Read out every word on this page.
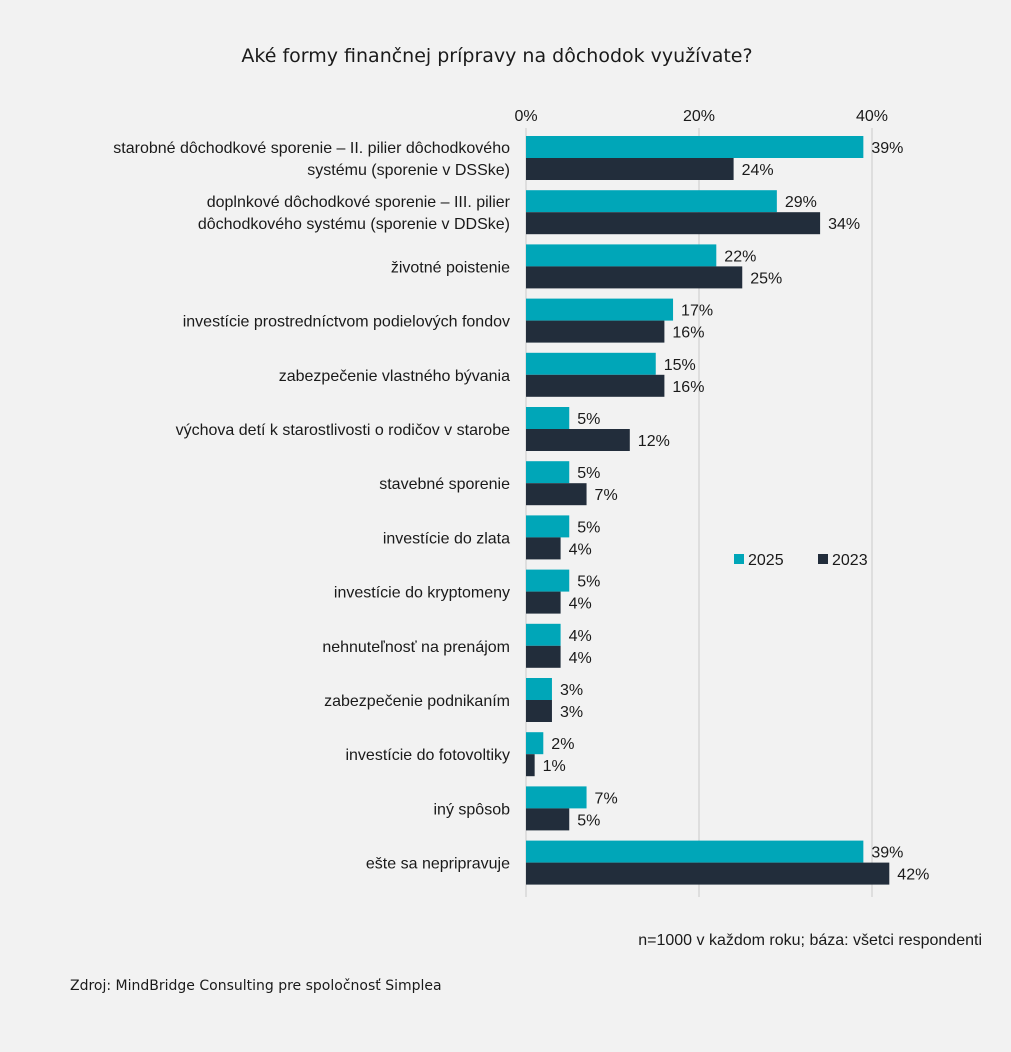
Aké formy finančnej prípravy na dôchodok využívate?
0%	20%	40%
39%
24%
29%
34%
22%
25%
17%
16%
15%
16%
5%
12%
5%
7%
5%
4%
5%
4%
4%
4%
3%
3%
2%
1%
7%
5%
39%
42%
starobné dôchodkové sporenie – II. pilier dôchodkového
systému (sporenie v DSSke)
doplnkové dôchodkové sporenie – III. pilier
dôchodkového systému (sporenie v DDSke)
životné poistenie
investície prostredníctvom podielových fondov
zabezpečenie vlastného bývania
výchova detí k starostlivosti o rodičov v starobe
stavebné sporenie
investície do zlata
investície do kryptomeny
nehnuteľnosť na prenájom
zabezpečenie podnikaním
investície do fotovoltiky
iný spôsob
ešte sa nepripravuje
2025	2023
n=1000 v každom roku; báza: všetci respondenti
Zdroj: MindBridge Consulting pre spoločnosť Simplea
